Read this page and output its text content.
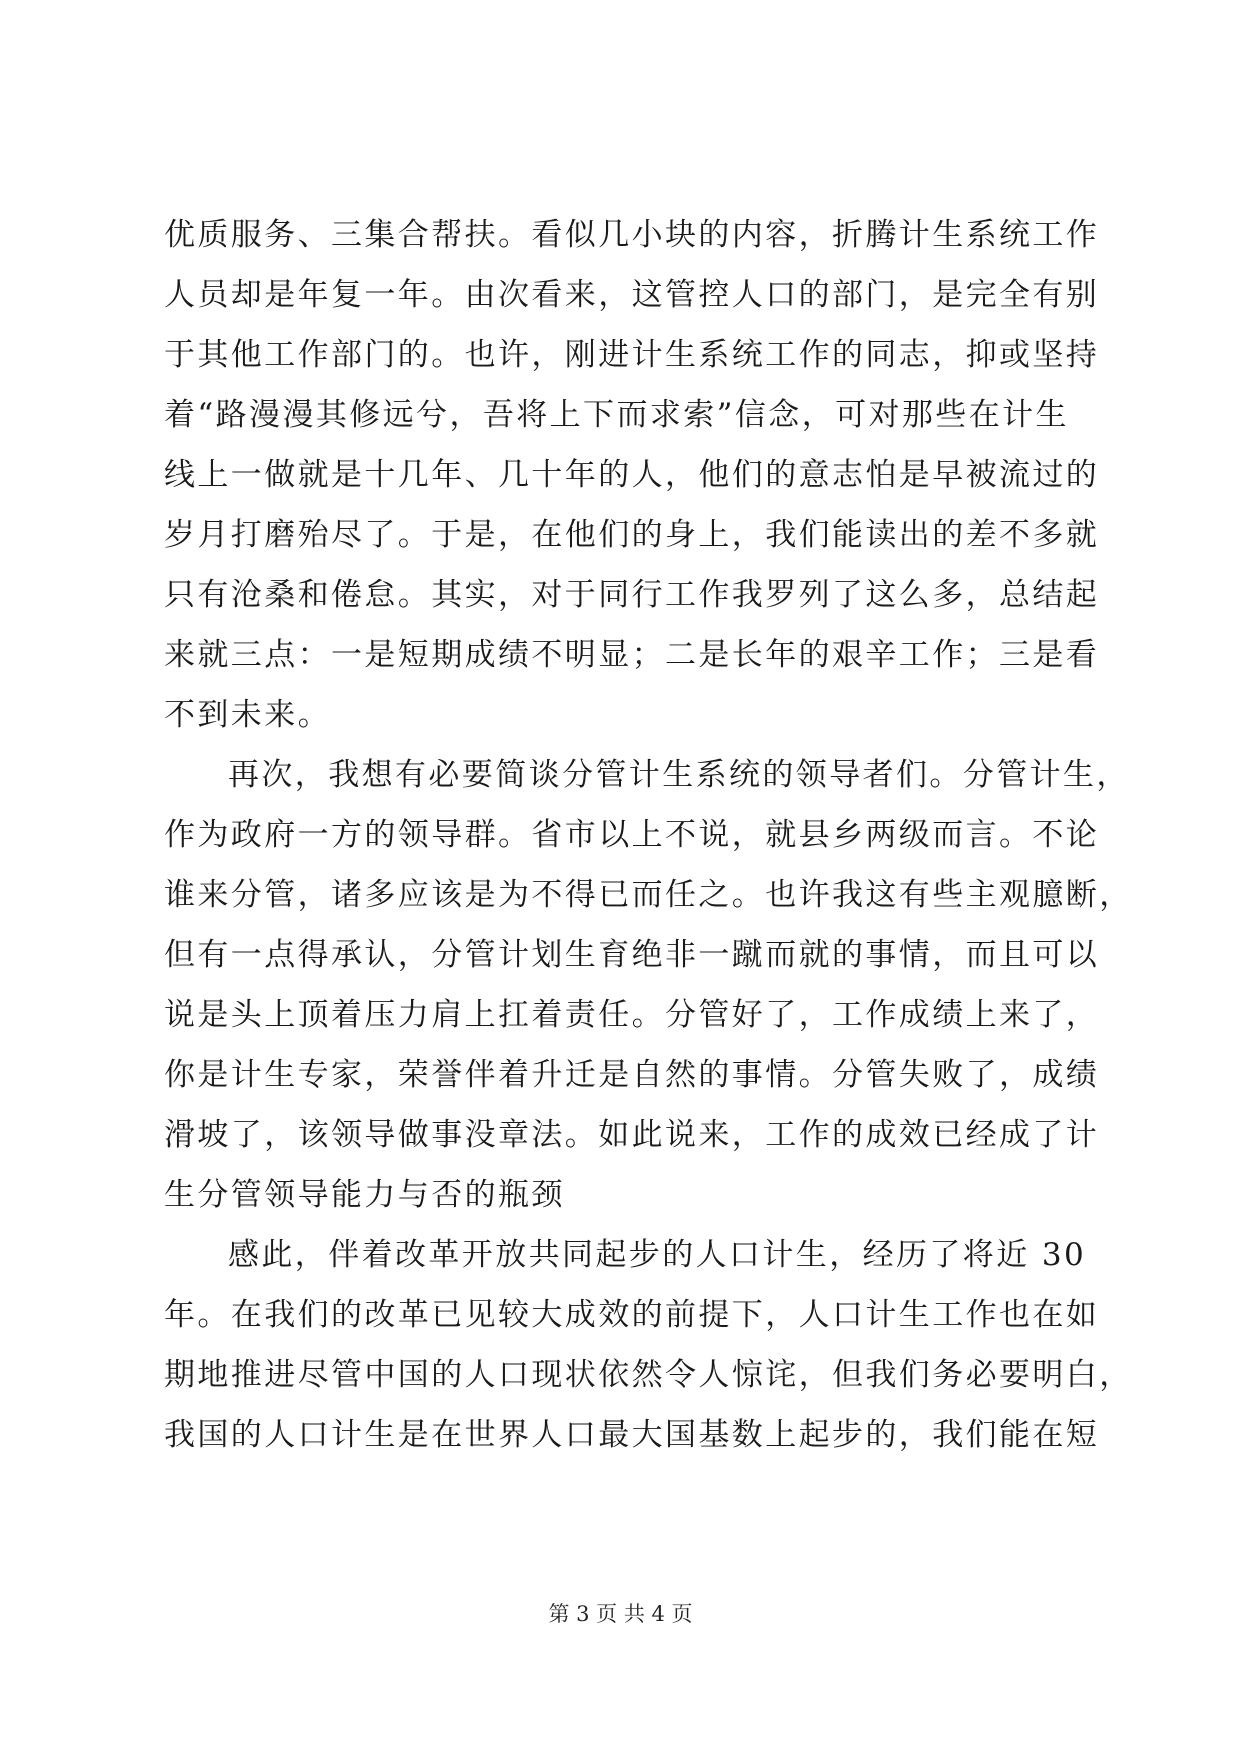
优质服务、三集合帮扶。看似几小块的内容，折腾计生系统工作
人员却是年复一年。由次看来，这管控人口的部门，是完全有别
于其他工作部门的。也许，刚进计生系统工作的同志，抑或坚持
着“路漫漫其修远兮，吾将上下而求索”信念，可对那些在计生
线上一做就是十几年、几十年的人，他们的意志怕是早被流过的
岁月打磨殆尽了。于是，在他们的身上，我们能读出的差不多就
只有沧桑和倦怠。其实，对于同行工作我罗列了这么多，总结起
来就三点：一是短期成绩不明显；二是长年的艰辛工作；三是看
不到未来。
再次，我想有必要简谈分管计生系统的领导者们。分管计生，
作为政府一方的领导群。省市以上不说，就县乡两级而言。不论
谁来分管，诸多应该是为不得已而任之。也许我这有些主观臆断，
但有一点得承认，分管计划生育绝非一蹴而就的事情，而且可以
说是头上顶着压力肩上扛着责任。分管好了，工作成绩上来了，
你是计生专家，荣誉伴着升迁是自然的事情。分管失败了，成绩
滑坡了，该领导做事没章法。如此说来，工作的成效已经成了计
生分管领导能力与否的瓶颈
感此，伴着改革开放共同起步的人口计生，经历了将近 30
年。在我们的改革已见较大成效的前提下，人口计生工作也在如
期地推进尽管中国的人口现状依然令人惊诧，但我们务必要明白，
我国的人口计生是在世界人口最大国基数上起步的，我们能在短
第 3 页 共 4 页
